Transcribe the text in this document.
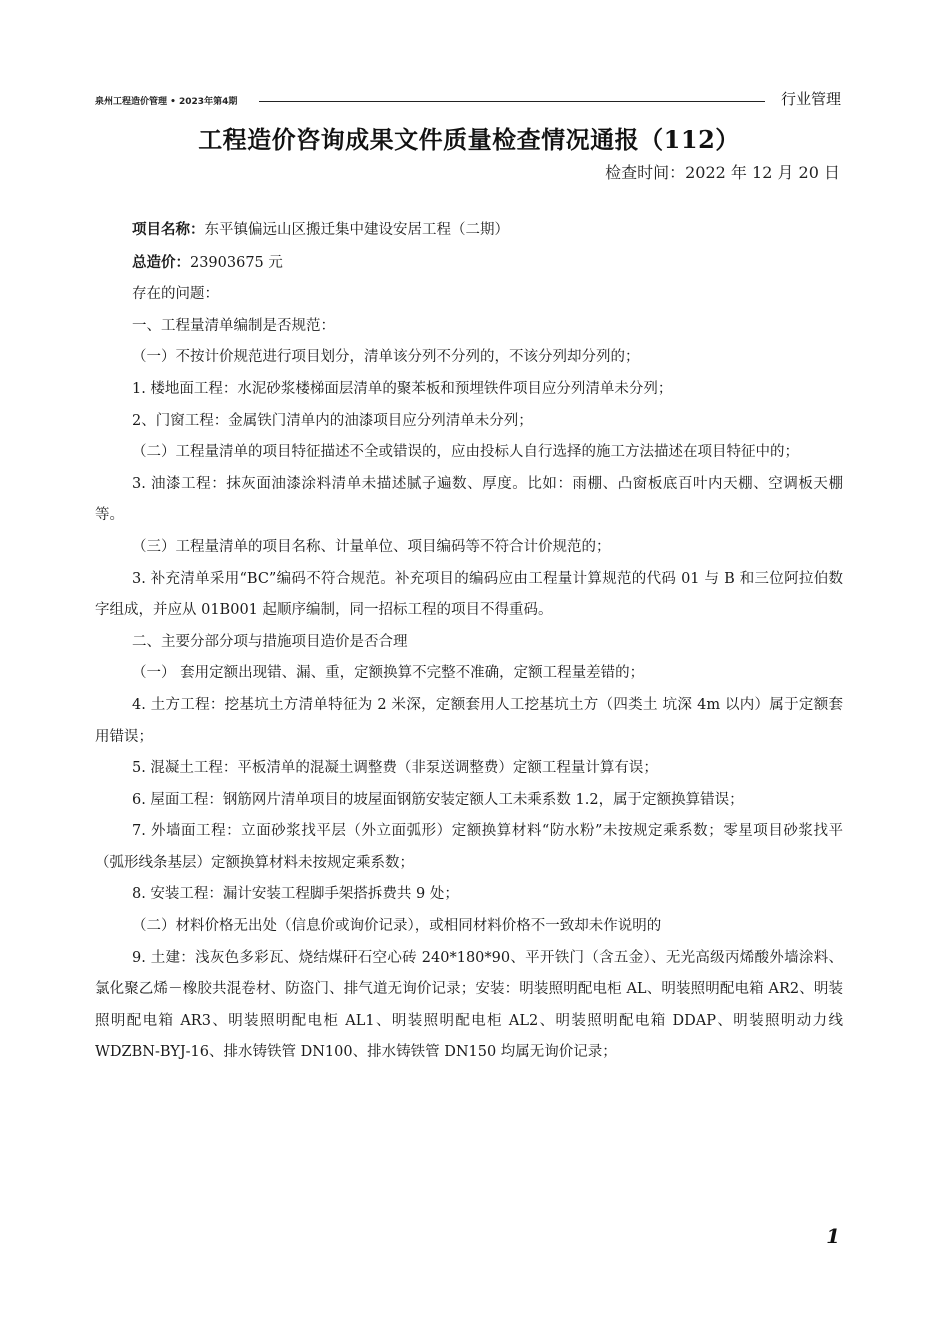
泉州工程造价管理 • 2023年第4期	行业管理
工程造价咨询成果文件质量检查情况通报（112）
检查时间：2022 年 12 月 20 日

项目名称：东平镇偏远山区搬迁集中建设安居工程（二期）

总造价：23903675 元

存在的问题：

一、工程量清单编制是否规范：

（一）不按计价规范进行项目划分，清单该分列不分列的，不该分列却分列的；

1. 楼地面工程：水泥砂浆楼梯面层清单的聚苯板和预埋铁件项目应分列清单未分列；

2、门窗工程：金属铁门清单内的油漆项目应分列清单未分列；

（二）工程量清单的项目特征描述不全或错误的，应由投标人自行选择的施工方法描述在项目特征中的；

3. 油漆工程：抹灰面油漆涂料清单未描述腻子遍数、厚度。比如：雨棚、凸窗板底百叶内天棚、空调板天棚等。

（三）工程量清单的项目名称、计量单位、项目编码等不符合计价规范的；

3. 补充清单采用“BC”编码不符合规范。补充项目的编码应由工程量计算规范的代码 01 与 B 和三位阿拉伯数字组成，并应从 01B001 起顺序编制，同一招标工程的项目不得重码。

二、主要分部分项与措施项目造价是否合理

（一） 套用定额出现错、漏、重，定额换算不完整不准确，定额工程量差错的；

4. 土方工程：挖基坑土方清单特征为 2 米深，定额套用人工挖基坑土方（四类土 坑深 4m 以内）属于定额套用错误；

5. 混凝土工程：平板清单的混凝土调整费（非泵送调整费）定额工程量计算有误；

6. 屋面工程：钢筋网片清单项目的坡屋面钢筋安装定额人工未乘系数 1.2，属于定额换算错误；

7. 外墙面工程：立面砂浆找平层（外立面弧形）定额换算材料“防水粉”未按规定乘系数；零星项目砂浆找平（弧形线条基层）定额换算材料未按规定乘系数；

8. 安装工程：漏计安装工程脚手架搭拆费共 9 处；

（二）材料价格无出处（信息价或询价记录），或相同材料价格不一致却未作说明的

9. 土建：浅灰色多彩瓦、烧结煤矸石空心砖 240*180*90、平开铁门（含五金）、无光高级丙烯酸外墙涂料、氯化聚乙烯－橡胶共混卷材、防盗门、排气道无询价记录；安装：明装照明配电柜 AL、明装照明配电箱 AR2、明装照明配电箱 AR3、明装照明配电柜 AL1、明装照明配电柜 AL2、明装照明配电箱 DDAP、明装照明动力线 WDZBN-BYJ-16、排水铸铁管 DN100、排水铸铁管 DN150 均属无询价记录；

1
